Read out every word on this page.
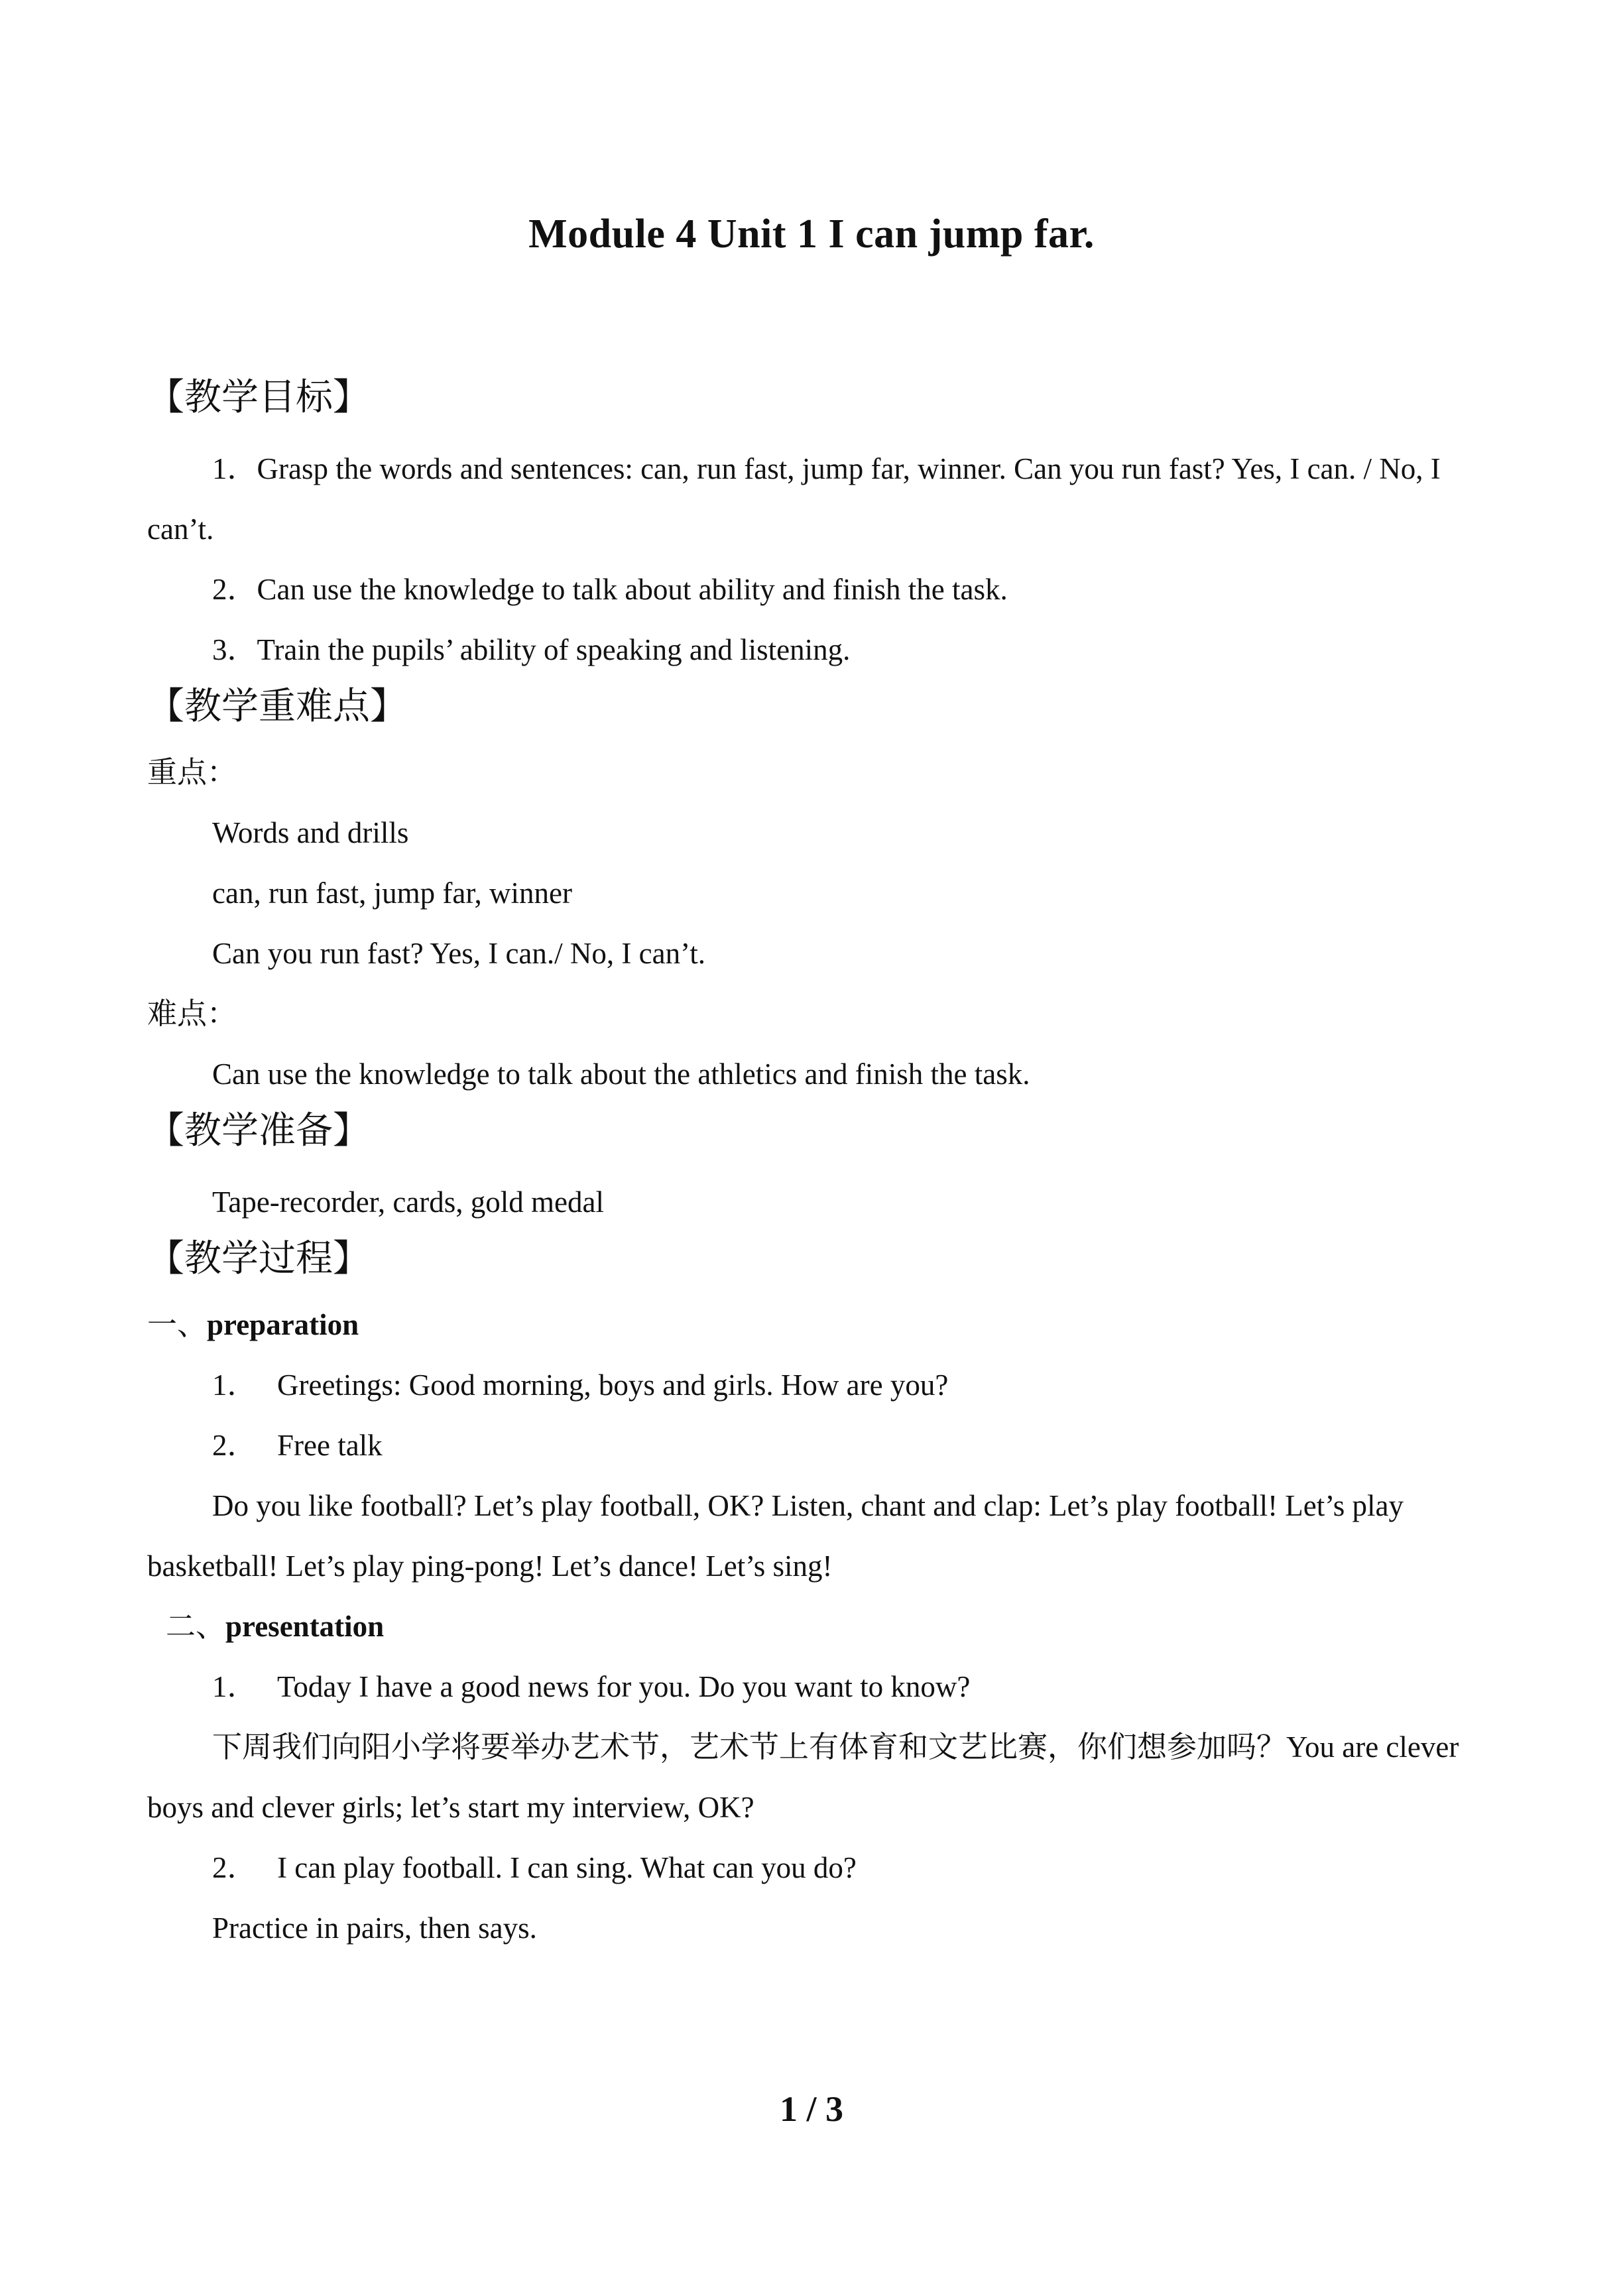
Module 4 Unit 1 I can jump far.

【教学目标】

1．Grasp the words and sentences: can, run fast, jump far, winner. Can you run fast? Yes, I can. / No, I can’t.

2．Can use the knowledge to talk about ability and finish the task.

3．Train the pupils’ ability of speaking and listening.

【教学重难点】

重点：

Words and drills

can, run fast, jump far, winner

Can you run fast? Yes, I can./ No, I can’t.

难点：

Can use the knowledge to talk about the athletics and finish the task.

【教学准备】

Tape-recorder, cards, gold medal

【教学过程】

一、preparation

1． Greetings: Good morning, boys and girls. How are you?

2． Free talk

Do you like football? Let’s play football, OK? Listen, chant and clap: Let’s play football! Let’s play basketball! Let’s play ping-pong! Let’s dance! Let’s sing!

二、presentation

1． Today I have a good news for you. Do you want to know?

下周我们向阳小学将要举办艺术节，艺术节上有体育和文艺比赛，你们想参加吗？You are clever boys and clever girls; let’s start my interview, OK?

2． I can play football. I can sing. What can you do?

Practice in pairs, then says.

1 / 3
